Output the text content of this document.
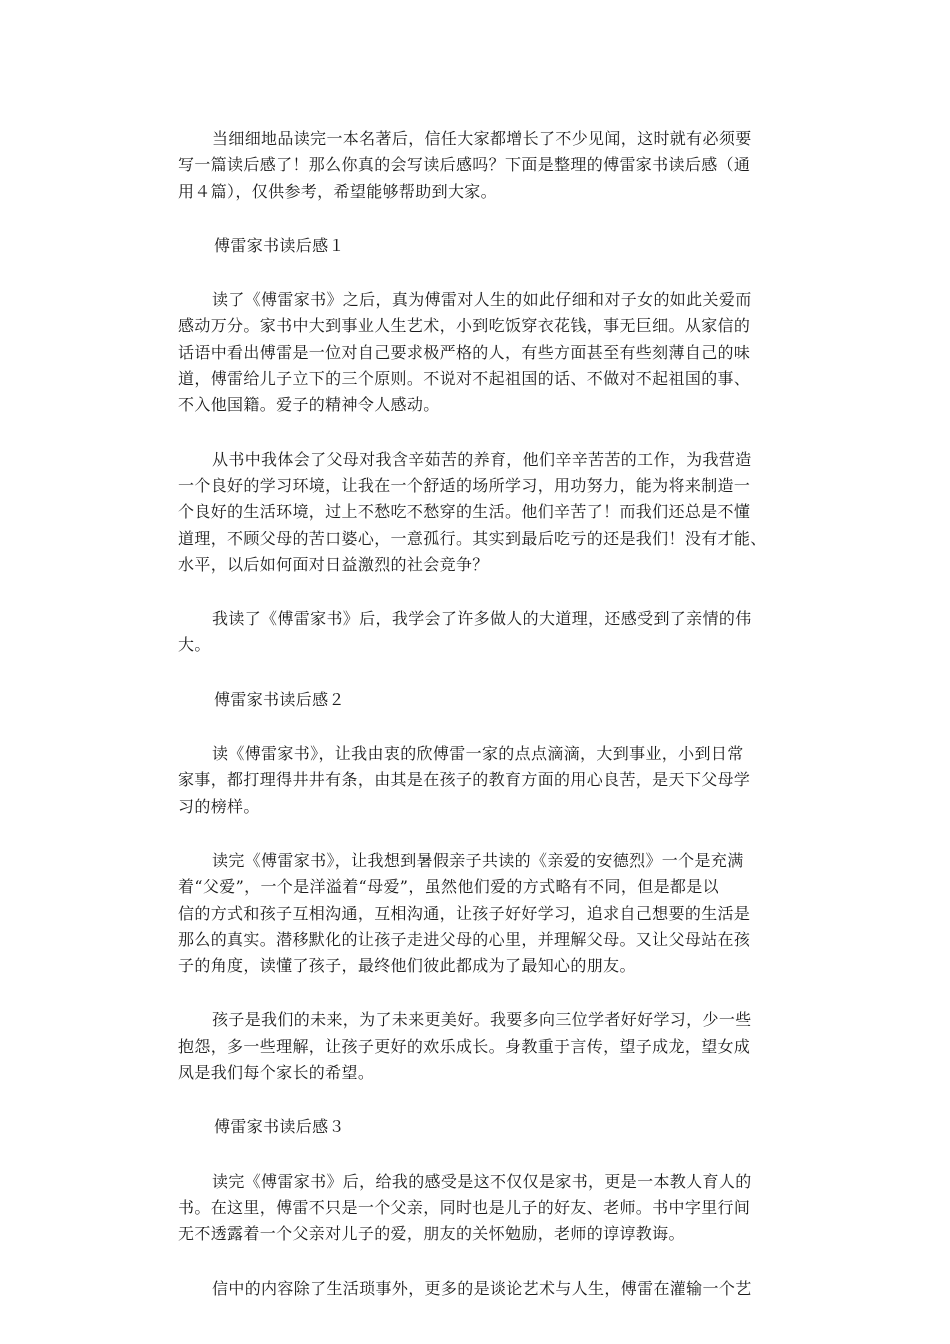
当细细地品读完一本名著后，信任大家都增长了不少见闻，这时就有必须要
写一篇读后感了！那么你真的会写读后感吗？下面是整理的傅雷家书读后感（通
用４篇），仅供参考，希望能够帮助到大家。
傅雷家书读后感１
读了《傅雷家书》之后，真为傅雷对人生的如此仔细和对子女的如此关爱而
感动万分。家书中大到事业人生艺术，小到吃饭穿衣花钱，事无巨细。从家信的
话语中看出傅雷是一位对自己要求极严格的人，有些方面甚至有些刻薄自己的味
道，傅雷给儿子立下的三个原则。不说对不起祖国的话、不做对不起祖国的事、
不入他国籍。爱子的精神令人感动。
从书中我体会了父母对我含辛茹苦的养育，他们辛辛苦苦的工作，为我营造
一个良好的学习环境，让我在一个舒适的场所学习，用功努力，能为将来制造一
个良好的生活环境，过上不愁吃不愁穿的生活。他们辛苦了！而我们还总是不懂
道理，不顾父母的苦口婆心，一意孤行。其实到最后吃亏的还是我们！没有才能、
水平，以后如何面对日益激烈的社会竞争？
我读了《傅雷家书》后，我学会了许多做人的大道理，还感受到了亲情的伟
大。
傅雷家书读后感２
读《傅雷家书》，让我由衷的欣傅雷一家的点点滴滴，大到事业，小到日常
家事，都打理得井井有条，由其是在孩子的教育方面的用心良苦，是天下父母学
习的榜样。
读完《傅雷家书》，让我想到暑假亲子共读的《亲爱的安德烈》一个是充满
着“父爱”，一个是洋溢着“母爱”，虽然他们爱的方式略有不同，但是都是以
信的方式和孩子互相沟通，互相沟通，让孩子好好学习，追求自己想要的生活是
那么的真实。潜移默化的让孩子走进父母的心里，并理解父母。又让父母站在孩
子的角度，读懂了孩子，最终他们彼此都成为了最知心的朋友。
孩子是我们的未来，为了未来更美好。我要多向三位学者好好学习，少一些
抱怨，多一些理解，让孩子更好的欢乐成长。身教重于言传，望子成龙，望女成
凤是我们每个家长的希望。
傅雷家书读后感３
读完《傅雷家书》后，给我的感受是这不仅仅是家书，更是一本教人育人的
书。在这里，傅雷不只是一个父亲，同时也是儿子的好友、老师。书中字里行间
无不透露着一个父亲对儿子的爱，朋友的关怀勉励，老师的谆谆教诲。
信中的内容除了生活琐事外，更多的是谈论艺术与人生，傅雷在灌输一个艺
